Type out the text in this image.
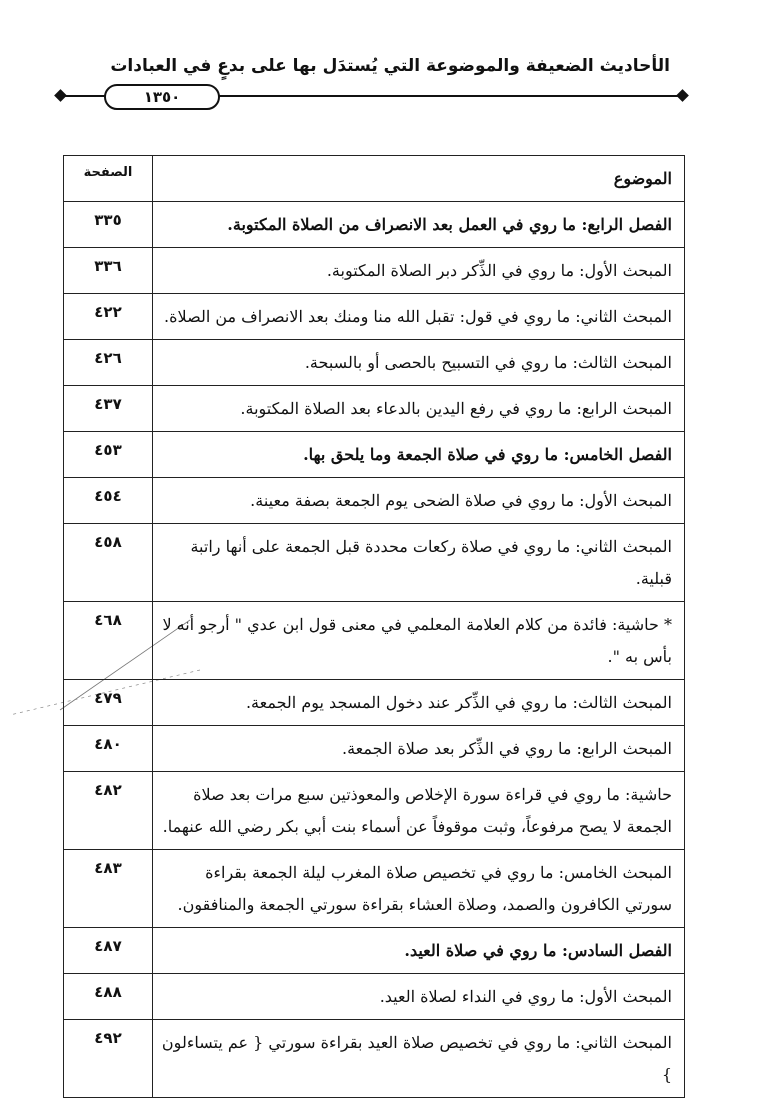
الأحاديث الضعيفة والموضوعة التي يُستدَل بها على بدعٍ في العبادات
١٣٥٠
الموضوع	الصفحة
الفصل الرابع: ما روي في العمل بعد الانصراف من الصلاة المكتوبة.	٣٣٥
المبحث الأول: ما روي في الذِّكر دبر الصلاة المكتوبة.	٣٣٦
المبحث الثاني: ما روي في قول: تقبل الله منا ومنك بعد الانصراف من الصلاة.	٤٢٢
المبحث الثالث: ما روي في التسبيح بالحصى أو بالسبحة.	٤٢٦
المبحث الرابع: ما روي في رفع اليدين بالدعاء بعد الصلاة المكتوبة.	٤٣٧
الفصل الخامس: ما روي في صلاة الجمعة وما يلحق بها.	٤٥٣
المبحث الأول: ما روي في صلاة الضحى يوم الجمعة بصفة معينة.	٤٥٤
المبحث الثاني: ما روي في صلاة ركعات محددة قبل الجمعة على أنها راتبة قبلية.	٤٥٨
* حاشية: فائدة من كلام العلامة المعلمي في معنى قول ابن عدي " أرجو أنه لا بأس به ".	٤٦٨
المبحث الثالث: ما روي في الذِّكر عند دخول المسجد يوم الجمعة.	٤٧٩
المبحث الرابع: ما روي في الذِّكر بعد صلاة الجمعة.	٤٨٠
حاشية: ما روي في قراءة سورة الإخلاص والمعوذتين سبع مرات بعد صلاة الجمعة لا يصح مرفوعاً، وثبت موقوفاً عن أسماء بنت أبي بكر رضي الله عنهما.	٤٨٢
المبحث الخامس: ما روي في تخصيص صلاة المغرب ليلة الجمعة بقراءة سورتي الكافرون والصمد، وصلاة العشاء بقراءة سورتي الجمعة والمنافقون.	٤٨٣
الفصل السادس: ما روي في صلاة العيد.	٤٨٧
المبحث الأول: ما روي في النداء لصلاة العيد.	٤٨٨
المبحث الثاني: ما روي في تخصيص صلاة العيد بقراءة سورتي { عم يتساءلون }	٤٩٢
